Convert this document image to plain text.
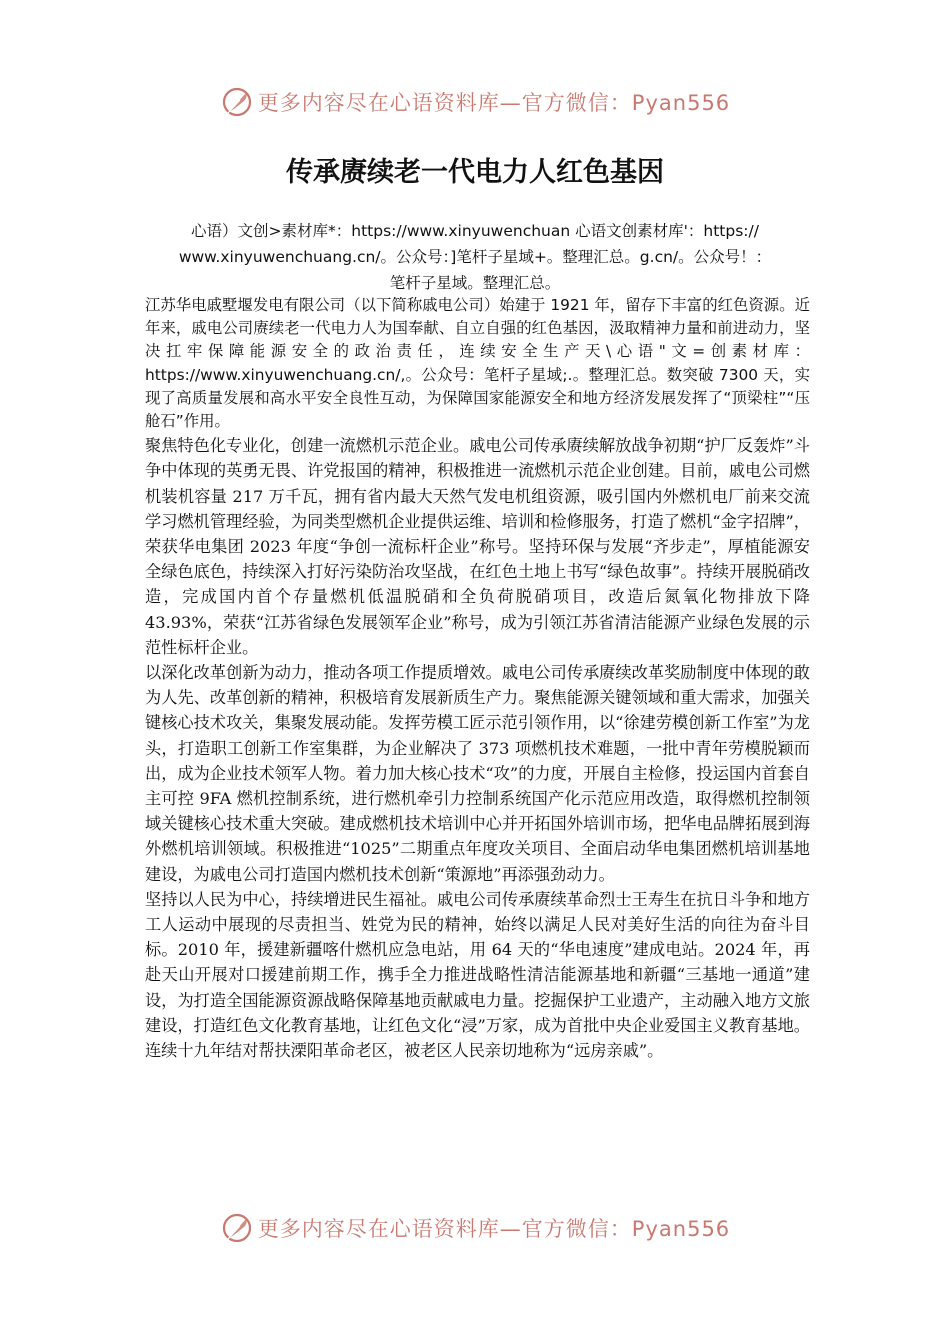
更多内容尽在心语资料库—官方微信：Pyan556
传承赓续老一代电力人红色基因
心语）文创>素材库*：https://www.xinyuwenchuan 心语文创素材库'：https://
www.xinyuwenchuang.cn/。公众号：]笔杆子星域+。整理汇总。g.cn/。公众号！：
笔杆子星域。整理汇总。

江苏华电戚墅堰发电有限公司（以下简称戚电公司）始建于 1921 年，留存下丰富的红色资源。近年来，戚电公司赓续老一代电力人为国奉献、自立自强的红色基因，汲取精神力量和前进动力，坚决扛牢保障能源安全的政治责任，连续安全生产天\心语"文=创素材库：https://www.xinyuwenchuang.cn/,。公众号：笔杆子星域;.。整理汇总。数突破 7300 天，实现了高质量发展和高水平安全良性互动，为保障国家能源安全和地方经济发展发挥了“顶梁柱”“压舱石”作用。

聚焦特色化专业化，创建一流燃机示范企业。戚电公司传承赓续解放战争初期“护厂反轰炸”斗争中体现的英勇无畏、许党报国的精神，积极推进一流燃机示范企业创建。目前，戚电公司燃机装机容量 217 万千瓦，拥有省内最大天然气发电机组资源，吸引国内外燃机电厂前来交流学习燃机管理经验，为同类型燃机企业提供运维、培训和检修服务，打造了燃机“金字招牌”，荣获华电集团 2023 年度“争创一流标杆企业”称号。坚持环保与发展“齐步走”，厚植能源安全绿色底色，持续深入打好污染防治攻坚战，在红色土地上书写“绿色故事”。持续开展脱硝改造，完成国内首个存量燃机低温脱硝和全负荷脱硝项目，改造后氮氧化物排放下降 43.93%，荣获“江苏省绿色发展领军企业”称号，成为引领江苏省清洁能源产业绿色发展的示范性标杆企业。

以深化改革创新为动力，推动各项工作提质增效。戚电公司传承赓续改革奖励制度中体现的敢为人先、改革创新的精神，积极培育发展新质生产力。聚焦能源关键领域和重大需求，加强关键核心技术攻关，集聚发展动能。发挥劳模工匠示范引领作用，以“徐建劳模创新工作室”为龙头，打造职工创新工作室集群，为企业解决了 373 项燃机技术难题，一批中青年劳模脱颖而出，成为企业技术领军人物。着力加大核心技术“攻”的力度，开展自主检修，投运国内首套自主可控 9FA 燃机控制系统，进行燃机牵引力控制系统国产化示范应用改造，取得燃机控制领域关键核心技术重大突破。建成燃机技术培训中心并开拓国外培训市场，把华电品牌拓展到海外燃机培训领域。积极推进“1025”二期重点年度攻关项目、全面启动华电集团燃机培训基地建设，为戚电公司打造国内燃机技术创新“策源地”再添强劲动力。

坚持以人民为中心，持续增进民生福祉。戚电公司传承赓续革命烈士王寿生在抗日斗争和地方工人运动中展现的尽责担当、姓党为民的精神，始终以满足人民对美好生活的向往为奋斗目标。2010 年，援建新疆喀什燃机应急电站，用 64 天的“华电速度”建成电站。2024 年，再赴天山开展对口援建前期工作，携手全力推进战略性清洁能源基地和新疆“三基地一通道”建设，为打造全国能源资源战略保障基地贡献戚电力量。挖掘保护工业遗产，主动融入地方文旅建设，打造红色文化教育基地，让红色文化“浸”万家，成为首批中央企业爱国主义教育基地。连续十九年结对帮扶溧阳革命老区，被老区人民亲切地称为“远房亲戚”。

更多内容尽在心语资料库—官方微信：Pyan556
